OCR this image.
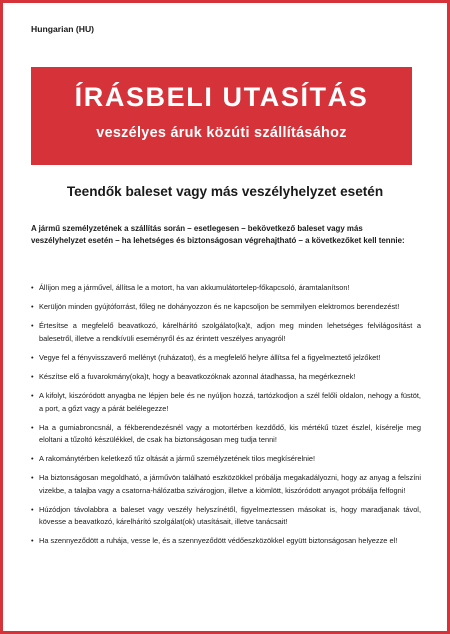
Hungarian (HU)
ÍRÁSBELI UTASÍTÁS
veszélyes áruk közúti szállításához
Teendők baleset vagy más veszélyhelyzet esetén
A jármű személyzetének a szállítás során – esetlegesen – bekövetkező baleset vagy más veszélyhelyzet esetén – ha lehetséges és biztonságosan végrehajtható – a következőket kell tennie:
• Állíjon meg a járművel, állítsa le a motort, ha van akkumulátortelep-főkapcsoló, áramtalanítson!
• Kerüljön minden gyújtóforrást, főleg ne dohányozzon és ne kapcsoljon be semmilyen elektromos berendezést!
• Értesítse a megfelelő beavatkozó, kárelhárító szolgálato(ka)t, adjon meg minden lehetséges felvilágosítást a balesetről, illetve a rendkívüli eseményről és az érintett veszélyes anyagról!
• Vegye fel a fényvisszaverő mellényt (ruházatot), és a megfelelő helyre állítsa fel a figyelmeztető jelzőket!
• Készítse elő a fuvarokmány(oka)t, hogy a beavatkozóknak azonnal átadhassa, ha megérkeznek!
• A kifolyt, kiszóródott anyagba ne lépjen bele és ne nyúljon hozzá, tartózkodjon a szél felőli oldalon, nehogy a füstöt, a port, a gőzt vagy a párát belélegezze!
• Ha a gumiabroncsnál, a fékberendezésnél vagy a motortérben kezdődő, kis mértékű tüzet észlel, kísérelje meg eloltani a tűzoltó készülékkel, de csak ha biztonságosan meg tudja tenni!
• A rakománytérben keletkező tűz oltását a jármű személyzetének tilos megkísérelnie!
• Ha biztonságosan megoldható, a járművön található eszközökkel próbálja megakadályozni, hogy az anyag a felszíni vizekbe, a talajba vagy a csatorna-hálózatba szivárogjon, illetve a kiömlött, kiszóródott anyagot próbálja felfogni!
• Húzódjon távolabbra a baleset vagy veszély helyszínétől, figyelmeztessen másokat is, hogy maradjanak távol, kövesse a beavatkozó, kárelhárító szolgálat(ok) utasításait, illetve tanácsait!
• Ha szennyeződött a ruhája, vesse le, és a szennyeződött védőeszközökkel együtt biztonságosan helyezze el!
